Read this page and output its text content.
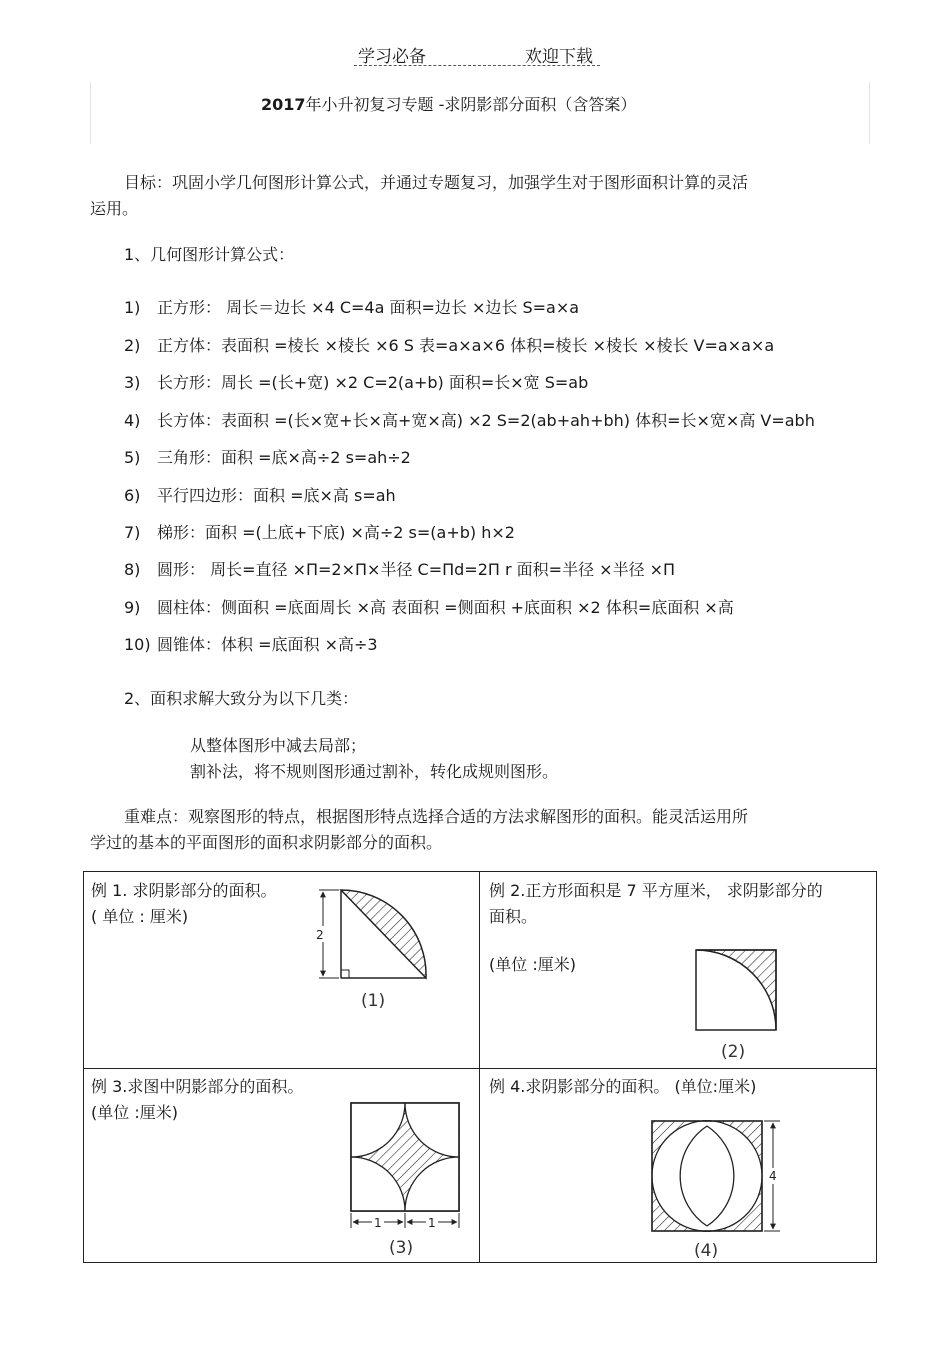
学习必备	欢迎下载
2017年小升初复习专题 -求阴影部分面积（含答案）
目标：巩固小学几何图形计算公式，并通过专题复习，加强学生对于图形面积计算的灵活
运用。
1、几何图形计算公式：
1) 正方形： 周长＝边长 ×4 C=4a 面积=边长 ×边长 S=a×a
2) 正方体：表面积 =棱长 ×棱长 ×6 S 表=a×a×6 体积=棱长 ×棱长 ×棱长 V=a×a×a
3) 长方形：周长 =(长+宽) ×2 C=2(a+b) 面积=长×宽 S=ab
4) 长方体：表面积 =(长×宽+长×高+宽×高) ×2 S=2(ab+ah+bh) 体积=长×宽×高 V=abh
5) 三角形：面积 =底×高÷2 s=ah÷2
6) 平行四边形：面积 =底×高 s=ah
7) 梯形：面积 =(上底+下底) ×高÷2 s=(a+b) h×2
8) 圆形： 周长=直径 ×Π=2×Π×半径 C=Πd=2Π r 面积=半径 ×半径 ×Π
9) 圆柱体：侧面积 =底面周长 ×高 表面积 =侧面积 +底面积 ×2 体积=底面积 ×高
10) 圆锥体：体积 =底面积 ×高÷3
2、面积求解大致分为以下几类：
从整体图形中减去局部；
割补法，将不规则图形通过割补，转化成规则图形。
重难点：观察图形的特点，根据图形特点选择合适的方法求解图形的面积。能灵活运用所
学过的基本的平面图形的面积求阴影部分的面积。
例 1. 求阴影部分的面积。
( 单位 : 厘米)
2
(1)
例 2.正方形面积是 7 平方厘米， 求阴影部分的
面积。
(单位 :厘米)
(2)
例 3.求图中阴影部分的面积。
(单位 :厘米)
1	1
(3)
例 4.求阴影部分的面积。 (单位:厘米)
4
(4)
